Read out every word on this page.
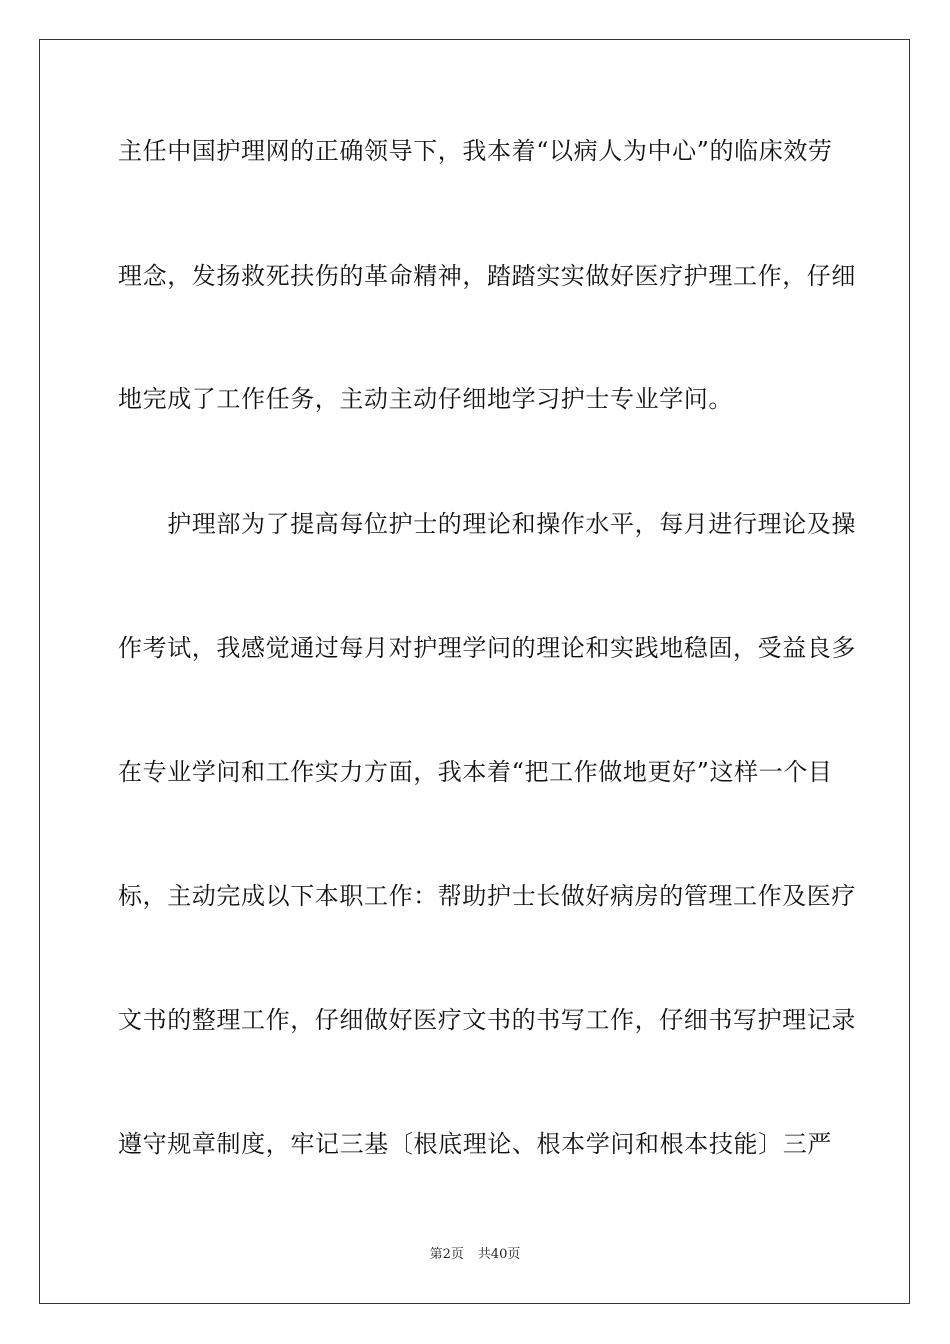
主任中国护理网的正确领导下，我本着“以病人为中心”的临床效劳
理念，发扬救死扶伤的革命精神，踏踏实实做好医疗护理工作，仔细
地完成了工作任务，主动主动仔细地学习护士专业学问。
　　护理部为了提高每位护士的理论和操作水平，每月进行理论及操
作考试，我感觉通过每月对护理学问的理论和实践地稳固，受益良多
在专业学问和工作实力方面，我本着“把工作做地更好”这样一个目
标，主动完成以下本职工作：帮助护士长做好病房的管理工作及医疗
文书的整理工作，仔细做好医疗文书的书写工作，仔细书写护理记录
遵守规章制度，牢记三基〔根底理论、根本学问和根本技能〕三严
第2页 共40页
